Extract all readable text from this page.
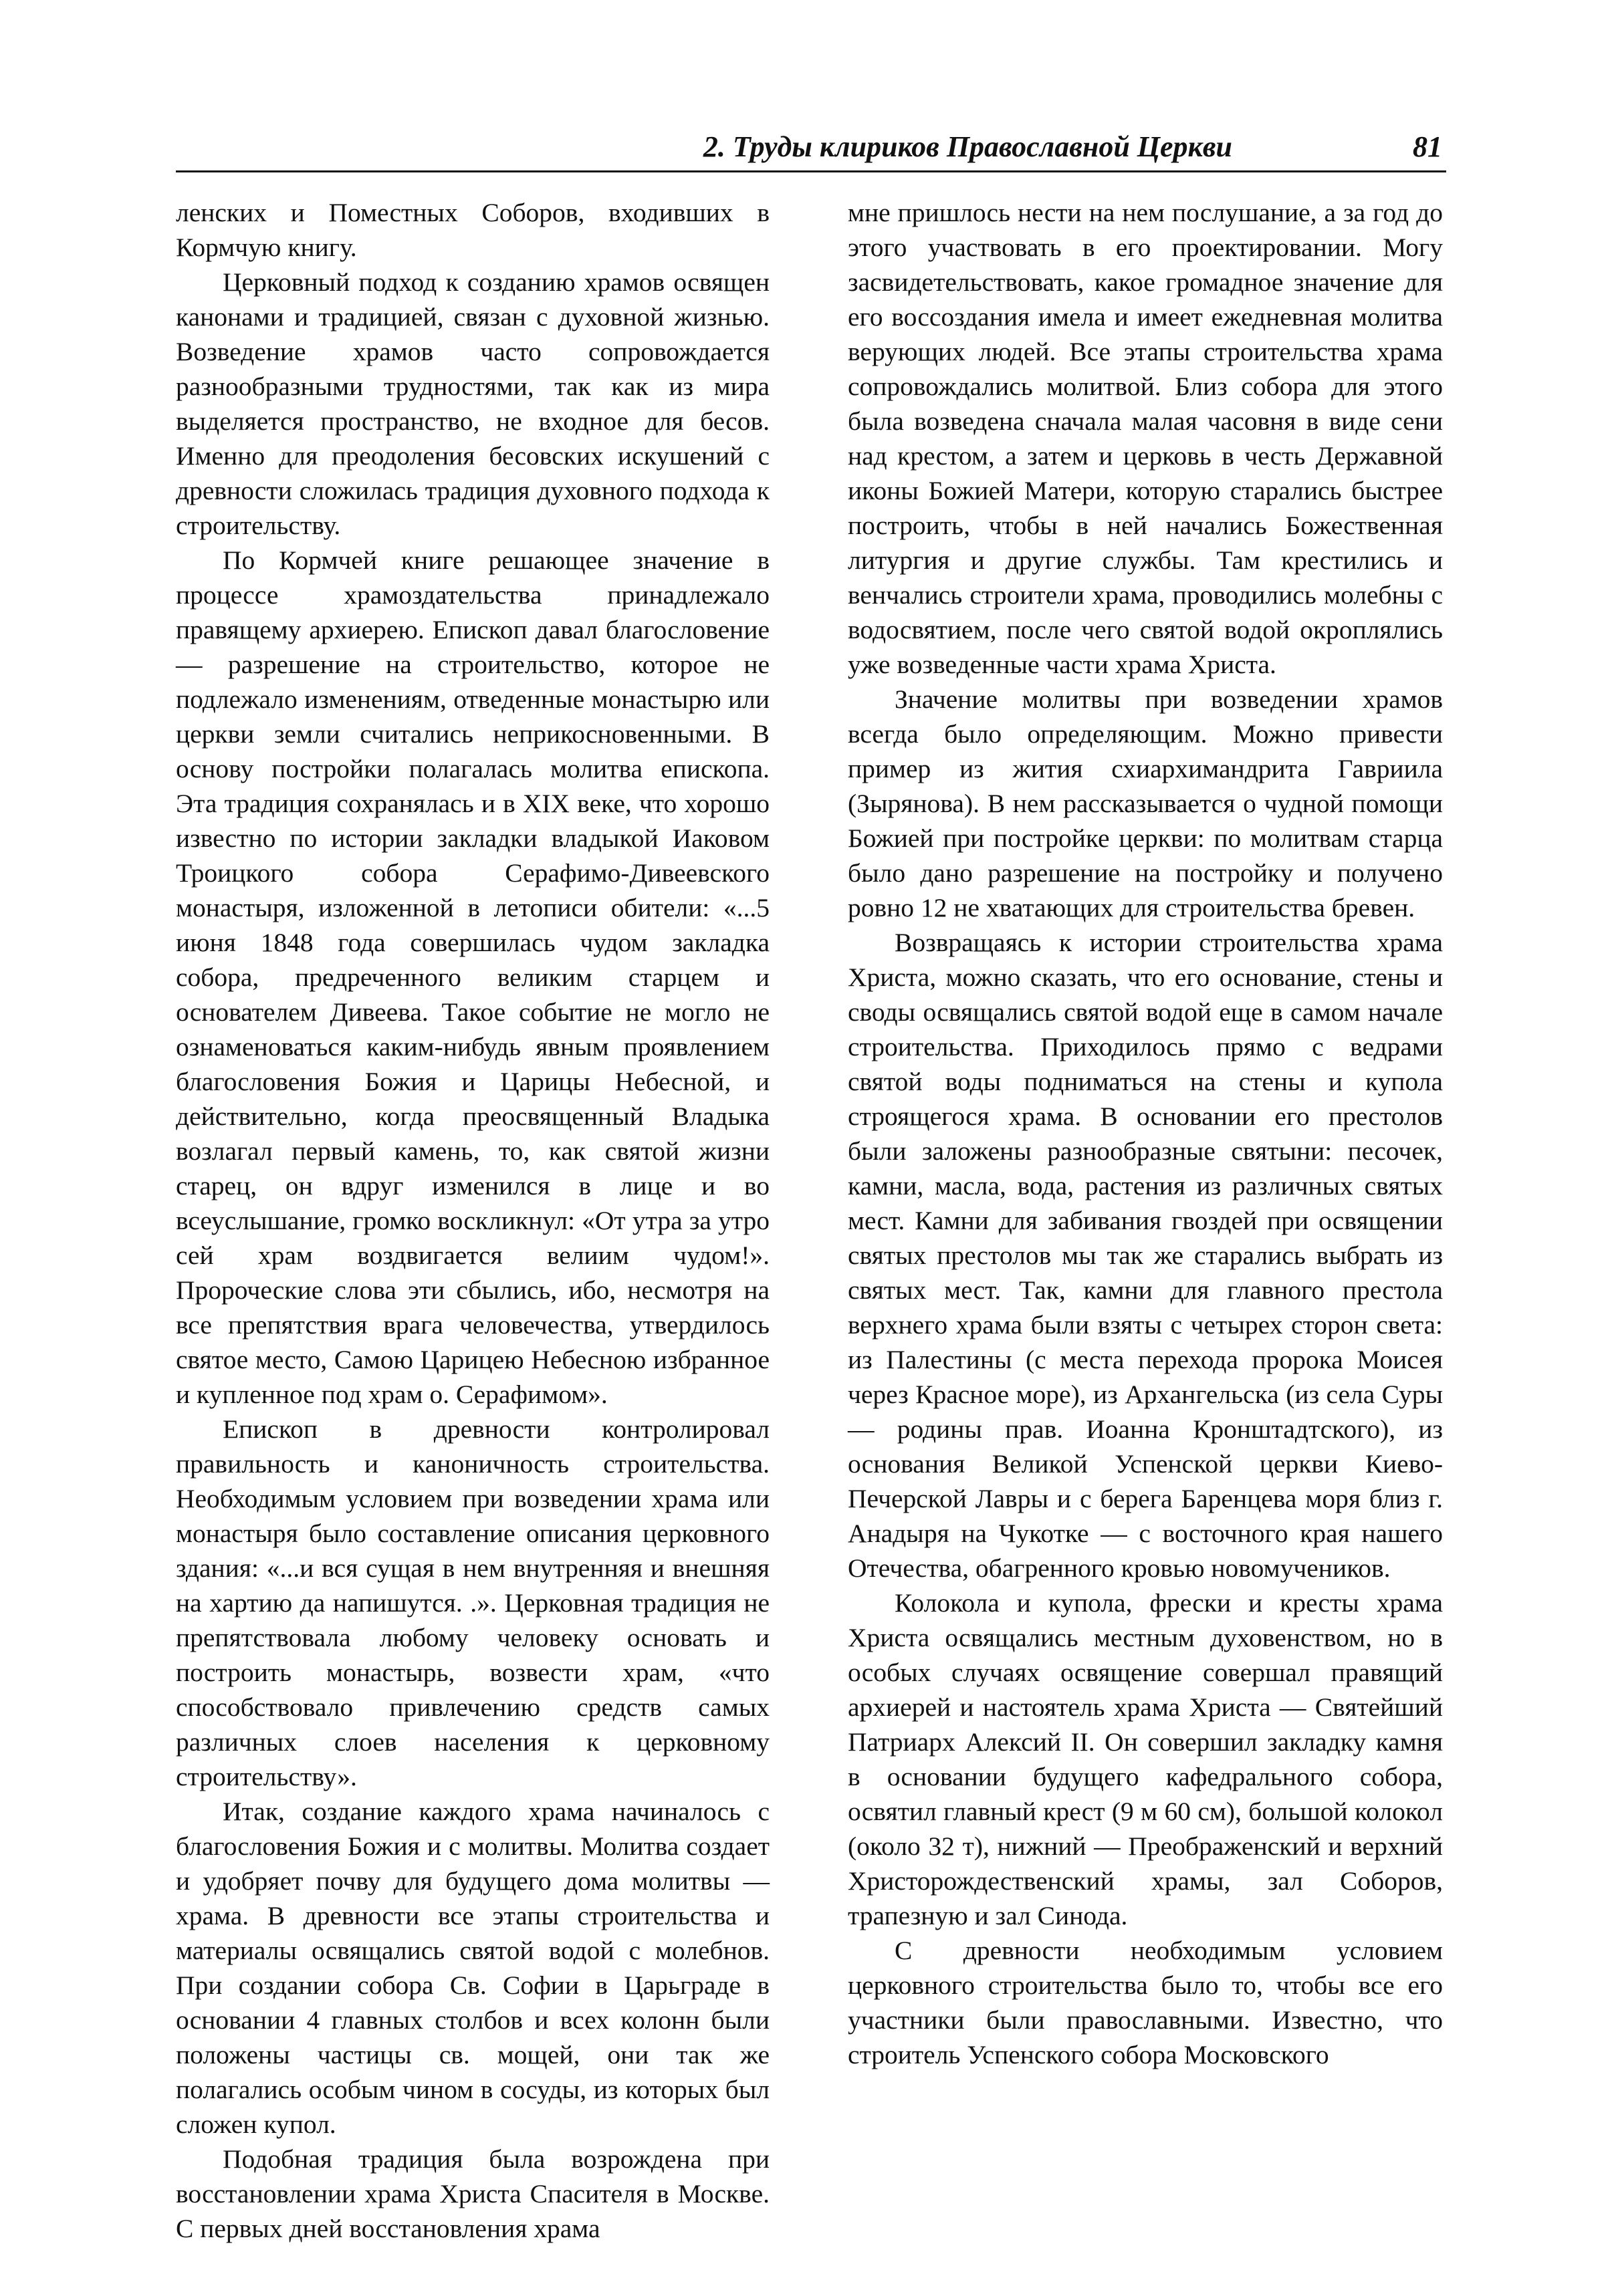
2. Труды клириков Православной Церкви	81

ленских и Поместных Соборов, входивших в Кормчую книгу.

Церковный подход к созданию храмов освящен канонами и традицией, связан с духовной жизнью. Возведение храмов часто сопровождается разнообразными трудностями, так как из мира выделяется пространство, не входное для бесов. Именно для преодоления бесовских искушений с древности сложилась традиция духовного подхода к строительству.

По Кормчей книге решающее значение в процессе храмоздательства принадлежало правящему архиерею. Епископ давал благословение — разрешение на строительство, которое не подлежало изменениям, отведенные монастырю или церкви земли считались неприкосновенными. В основу постройки полагалась молитва епископа. Эта традиция сохранялась и в XIX веке, что хорошо известно по истории закладки владыкой Иаковом Троицкого собора Серафимо-Дивеевского монастыря, изложенной в летописи обители: «...5 июня 1848 года совершилась чудом закладка собора, предреченного великим старцем и основателем Дивеева. Такое событие не могло не ознаменоваться каким-нибудь явным проявлением благословения Божия и Царицы Небесной, и действительно, когда преосвященный Владыка возлагал первый камень, то, как святой жизни старец, он вдруг изменился в лице и во всеуслышание, громко воскликнул: «От утра за утро сей храм воздвигается велиим чудом!». Пророческие слова эти сбылись, ибо, несмотря на все препятствия врага человечества, утвердилось святое место, Самою Царицею Небесною избранное и купленное под храм о. Серафимом».

Епископ в древности контролировал правильность и каноничность строительства. Необходимым условием при возведении храма или монастыря было составление описания церковного здания: «...и вся сущая в нем внутренняя и внешняя на хартию да напишутся. .». Церковная традиция не препятствовала любому человеку основать и построить монастырь, возвести храм, «что способствовало привлечению средств самых различных слоев населения к церковному строительству».

Итак, создание каждого храма начиналось с благословения Божия и с молитвы. Молитва создает и удобряет почву для будущего дома молитвы — храма. В древности все этапы строительства и материалы освящались святой водой с молебнов. При создании собора Св. Софии в Царьграде в основании 4 главных столбов и всех колонн были положены частицы св. мощей, они так же полагались особым чином в сосуды, из которых был сложен купол.

Подобная традиция была возрождена при восстановлении храма Христа Спасителя в Москве. С первых дней восстановления храма

мне пришлось нести на нем послушание, а за год до этого участвовать в его проектировании. Могу засвидетельствовать, какое громадное значение для его воссоздания имела и имеет ежедневная молитва верующих людей. Все этапы строительства храма сопровождались молитвой. Близ собора для этого была возведена сначала малая часовня в виде сени над крестом, а затем и церковь в честь Державной иконы Божией Матери, которую старались быстрее построить, чтобы в ней начались Божественная литургия и другие службы. Там крестились и венчались строители храма, проводились молебны с водосвятием, после чего святой водой окроплялись уже возведенные части храма Христа.

Значение молитвы при возведении храмов всегда было определяющим. Можно привести пример из жития схиархимандрита Гавриила (Зырянова). В нем рассказывается о чудной помощи Божией при постройке церкви: по молитвам старца было дано разрешение на постройку и получено ровно 12 не хватающих для строительства бревен.

Возвращаясь к истории строительства храма Христа, можно сказать, что его основание, стены и своды освящались святой водой еще в самом начале строительства. Приходилось прямо с ведрами святой воды подниматься на стены и купола строящегося храма. В основании его престолов были заложены разнообразные святыни: песочек, камни, масла, вода, растения из различных святых мест. Камни для забивания гвоздей при освящении святых престолов мы так же старались выбрать из святых мест. Так, камни для главного престола верхнего храма были взяты с четырех сторон света: из Палестины (с места перехода пророка Моисея через Красное море), из Архангельска (из села Суры — родины прав. Иоанна Кронштадтского), из основания Великой Успенской церкви Киево-Печерской Лавры и с берега Баренцева моря близ г. Анадыря на Чукотке — с восточного края нашего Отечества, обагренного кровью новомучеников.

Колокола и купола, фрески и кресты храма Христа освящались местным духовенством, но в особых случаях освящение совершал правящий архиерей и настоятель храма Христа — Святейший Патриарх Алексий II. Он совершил закладку камня в основании будущего кафедрального собора, освятил главный крест (9 м 60 см), большой колокол (около 32 т), нижний — Преображенский и верхний Христорождественский храмы, зал Соборов, трапезную и зал Синода.

С древности необходимым условием церковного строительства было то, чтобы все его участники были православными. Известно, что строитель Успенского собора Московского
